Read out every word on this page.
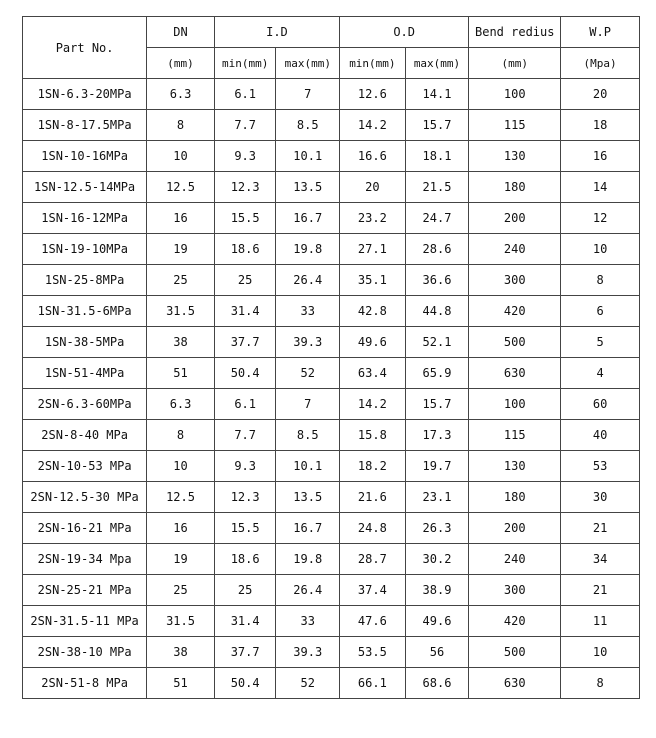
Part No.	DN	I.D		O.D		Bend redius	W.P
	(mm)	min(mm)	max(mm)	min(mm)	max(mm)	(mm)	(Mpa)
1SN-6.3-20MPa	6.3	6.1	7	12.6	14.1	100	20
1SN-8-17.5MPa	8	7.7	8.5	14.2	15.7	115	18
1SN-10-16MPa	10	9.3	10.1	16.6	18.1	130	16
1SN-12.5-14MPa	12.5	12.3	13.5	20	21.5	180	14
1SN-16-12MPa	16	15.5	16.7	23.2	24.7	200	12
1SN-19-10MPa	19	18.6	19.8	27.1	28.6	240	10
1SN-25-8MPa	25	25	26.4	35.1	36.6	300	8
1SN-31.5-6MPa	31.5	31.4	33	42.8	44.8	420	6
1SN-38-5MPa	38	37.7	39.3	49.6	52.1	500	5
1SN-51-4MPa	51	50.4	52	63.4	65.9	630	4
2SN-6.3-60MPa	6.3	6.1	7	14.2	15.7	100	60
2SN-8-40 MPa	8	7.7	8.5	15.8	17.3	115	40
2SN-10-53 MPa	10	9.3	10.1	18.2	19.7	130	53
2SN-12.5-30 MPa	12.5	12.3	13.5	21.6	23.1	180	30
2SN-16-21 MPa	16	15.5	16.7	24.8	26.3	200	21
2SN-19-34 Mpa	19	18.6	19.8	28.7	30.2	240	34
2SN-25-21 MPa	25	25	26.4	37.4	38.9	300	21
2SN-31.5-11 MPa	31.5	31.4	33	47.6	49.6	420	11
2SN-38-10 MPa	38	37.7	39.3	53.5	56	500	10
2SN-51-8 MPa	51	50.4	52	66.1	68.6	630	8
